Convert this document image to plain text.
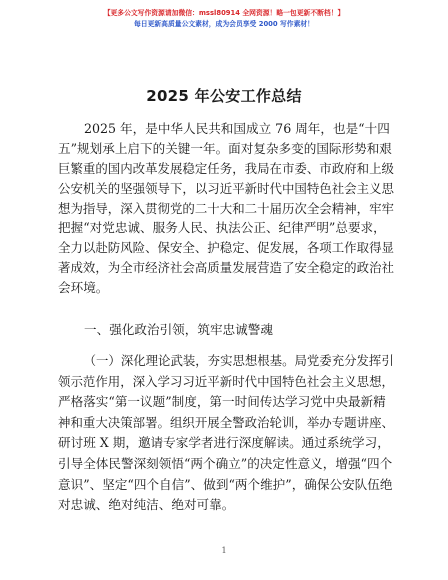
【更多公文写作资源请加微信：mssl80914 全网资源！略一包更新不断档！】
每日更新高质量公文素材，成为会员享受 2000 写作素材！
2025 年公安工作总结
2025 年，是中华人民共和国成立 76 周年，也是“十四
五”规划承上启下的关键一年。面对复杂多变的国际形势和艰
巨繁重的国内改革发展稳定任务，我局在市委、市政府和上级
公安机关的坚强领导下，以习近平新时代中国特色社会主义思
想为指导，深入贯彻党的二十大和二十届历次全会精神，牢牢
把握“对党忠诚、服务人民、执法公正、纪律严明”总要求，
全力以赴防风险、保安全、护稳定、促发展，各项工作取得显
著成效，为全市经济社会高质量发展营造了安全稳定的政治社
会环境。
一、强化政治引领，筑牢忠诚警魂
（一）深化理论武装，夯实思想根基。局党委充分发挥引
领示范作用，深入学习习近平新时代中国特色社会主义思想，
严格落实“第一议题”制度，第一时间传达学习党中央最新精
神和重大决策部署。组织开展全警政治轮训，举办专题讲座、
研讨班 X 期，邀请专家学者进行深度解读。通过系统学习，
引导全体民警深刻领悟“两个确立”的决定性意义，增强“四个
意识”、坚定“四个自信”、做到“两个维护”，确保公安队伍绝
对忠诚、绝对纯洁、绝对可靠。
1
